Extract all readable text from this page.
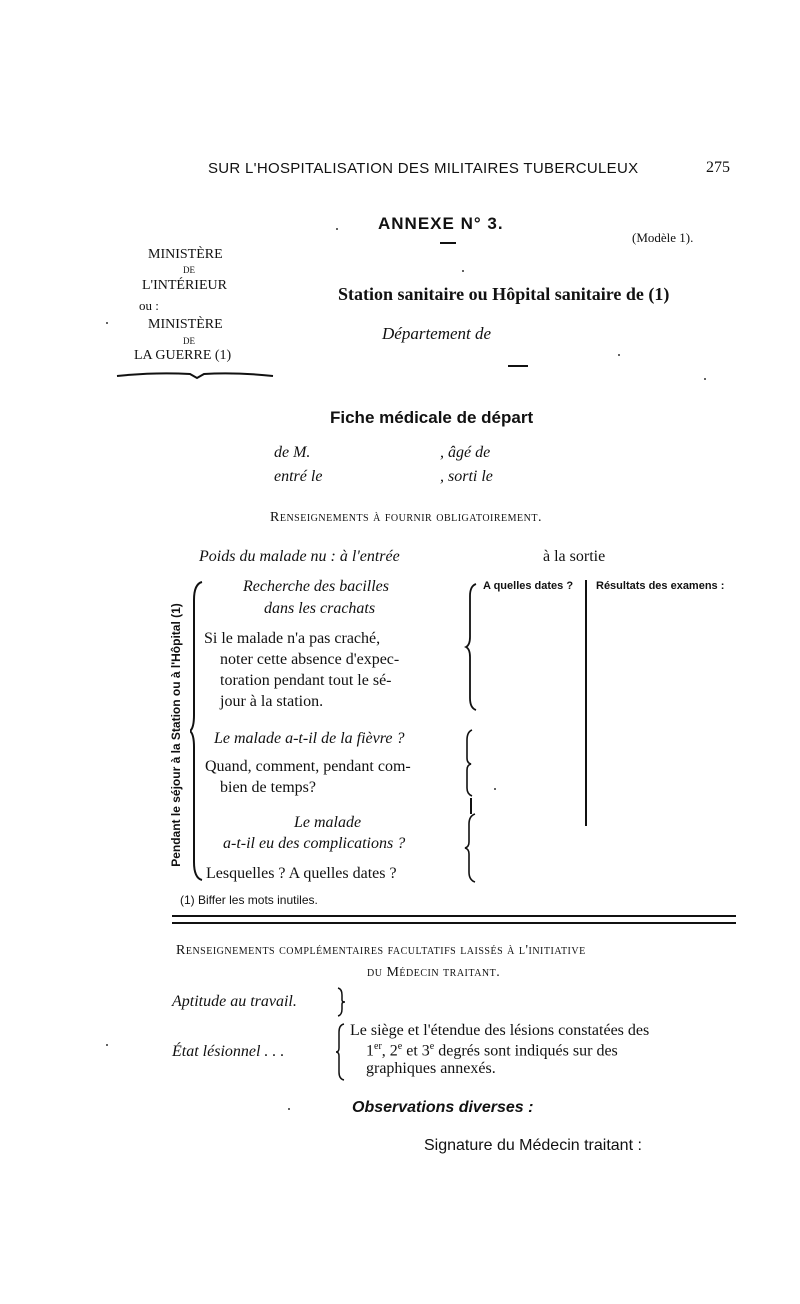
SUR L'HOSPITALISATION DES MILITAIRES TUBERCULEUX	275
ANNEXE N° 3.
(Modèle 1).
MINISTÈRE
DE
L'INTÉRIEUR
ou :
MINISTÈRE
DE
LA GUERRE (1)
Station sanitaire ou Hôpital sanitaire de (1)
Département de
Fiche médicale de départ
de M.	, âgé de
entré le	, sorti le
Renseignements à fournir obligatoirement.
Poids du malade nu : à l'entrée	à la sortie
Pendant le séjour à la Station ou à l'Hôpital (1)
A quelles dates ? Résultats des examens :
Recherche des bacilles
dans les crachats
Si le malade n'a pas craché,
noter cette absence d'expec-
toration pendant tout le sé-
jour à la station.
Le malade a-t-il de la fièvre ?
Quand, comment, pendant com-
bien de temps?
Le malade
a-t-il eu des complications ?
Lesquelles ? A quelles dates ?
(1) Biffer les mots inutiles.
Renseignements complémentaires facultatifs laissés à l'initiative
du Médecin traitant.
Aptitude au travail.
État lésionnel . . .
Le siège et l'étendue des lésions constatées des
1er, 2e et 3e degrés sont indiqués sur des
graphiques annexés.
Observations diverses :
Signature du Médecin traitant :
